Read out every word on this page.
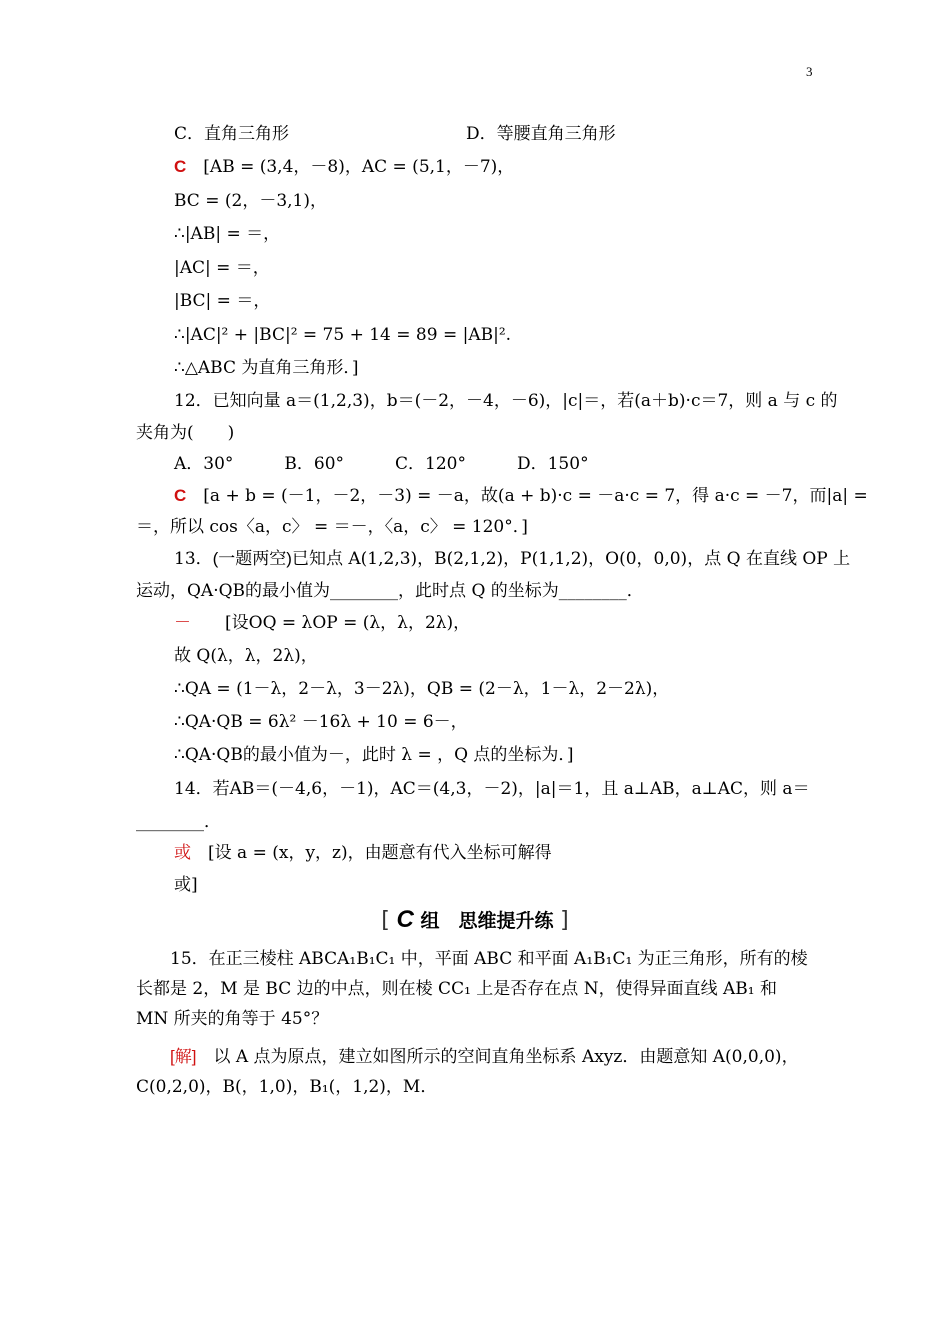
3
C．直角三角形	D．等腰直角三角形
C　[AB = (3,4，－8)，AC = (5,1，－7)，
BC = (2，－3,1)，
∴|AB| = ＝，
|AC| = ＝，
|BC| = ＝，
∴|AC|² + |BC|² = 75 + 14 = 89 = |AB|².
∴△ABC 为直角三角形．]
12．已知向量 a＝(1,2,3)，b＝(－2，－4，－6)，|c|＝，若(a＋b)·c＝7，则 a 与 c 的
夹角为(　　)
A．30°　　　B．60°　　　C．120°　　　D．150°
C　[a + b = (－1，－2，－3) = －a，故(a + b)·c = －a·c = 7，得 a·c = －7，而|a| =
＝，所以 cos〈a，c〉 = ＝－，〈a，c〉 = 120°．]
13．(一题两空)已知点 A(1,2,3)，B(2,1,2)，P(1,1,2)，O(0，0,0)，点 Q 在直线 OP 上
运动，QA·QB的最小值为________，此时点 Q 的坐标为________．
－　　[设OQ = λOP = (λ，λ，2λ)，
故 Q(λ，λ，2λ)，
∴QA = (1－λ，2－λ，3－2λ)，QB = (2－λ，1－λ，2－2λ)，
∴QA·QB = 6λ² －16λ + 10 = 6－，
∴QA·QB的最小值为－，此时 λ = ，Q 点的坐标为．]
14．若AB＝(－4,6，－1)，AC＝(4,3，－2)，|a|＝1，且 a⊥AB，a⊥AC，则 a＝
________．
或　[设 a = (x，y，z)，由题意有代入坐标可解得
或]
[ C 组　思维提升练 ]
15．在正三棱柱 ABCA₁B₁C₁ 中，平面 ABC 和平面 A₁B₁C₁ 为正三角形，所有的棱长都是 2，M 是 BC 边的中点，则在棱 CC₁ 上是否存在点 N，使得异面直线 AB₁ 和 MN 所夹的角等于 45°？
[解]　以 A 点为原点，建立如图所示的空间直角坐标系 Axyz．由题意知 A(0,0,0)，C(0,2,0)，B(，1,0)，B₁(，1,2)，M．
